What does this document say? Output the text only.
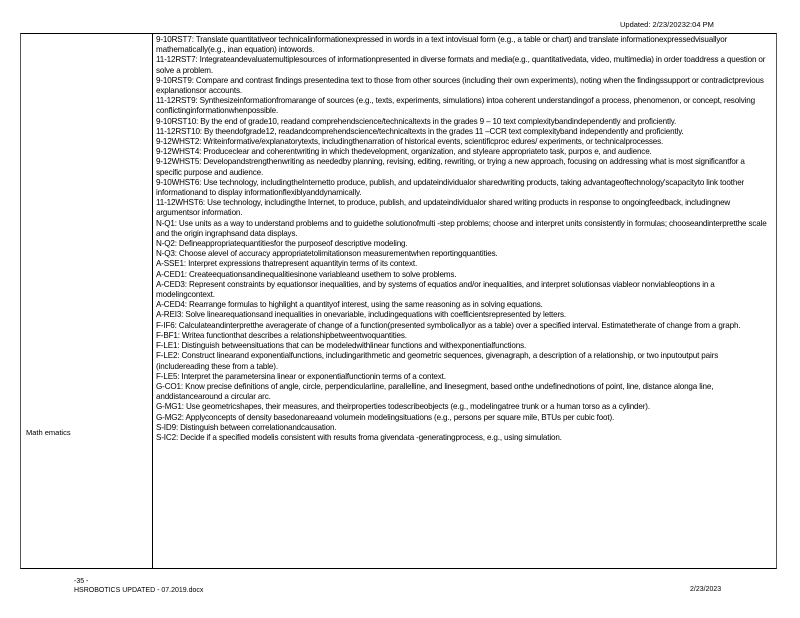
Updated: 2/23/20232:04 PM
Math ematics

9-10RST7: Translate quantitativeor technicalinformationexpressed in words in a text intovisual form (e.g., a table or chart) and translate informationexpressedvisuallyor mathematically(e.g., inan equation) intowords.

11-12RST7: Integrateandevaluatemultiplesources of informationpresented in diverse formats and media(e.g., quantitativedata, video, multimedia) in order toaddress a question or solve a problem.

9-10RST9: Compare and contrast findings presentedina text to those from other sources (including their own experiments), noting when the findingssupport or contradictprevious explanationsor accounts.

11-12RST9: Synthesizeinformationfromarange of sources (e.g., texts, experiments, simulations) intoa coherent understandingof a process, phenomenon, or concept, resolving conflictinginformationwhenpossible.

9-10RST10: By the end of grade10, readand comprehendscience/technicaltexts in the grades 9 – 10 text complexitybandindependently and proficiently.

11-12RST10: By theendofgrade12, readandcomprehendscience/technicaltexts in the grades 11 –CCR text complexityband independently and proficiently.

9-12WHST2: Writeinformative/explanatorytexts, includingthenarration of historical events, scientificproc edures/ experiments, or technicalprocesses.

9-12WHST4: Produceclear and coherentwriting in which thedevelopment, organization, and styleare appropriateto task, purpos e, and audience.

9-12WHST5: Developandstrengthenwriting as neededby planning, revising, editing, rewriting, or trying a new approach, focusing on addressing what is most significantfor a specific purpose and audience.

9-10WHST6: Use technology, includingtheInternetto produce, publish, and updateindividualor sharedwriting products, taking advantageoftechnology'scapacityto link toother informationand to display informationflexiblyanddynamically.

11-12WHST6: Use technology, includingthe Internet, to produce, publish, and updateindividualor shared writing products in response to ongoingfeedback, includingnew argumentsor information.

N-Q1: Use units as a way to understand problems and to guidethe solutionofmulti -step problems; choose and interpret units consistently in formulas; chooseandinterpretthe scale and the origin ingraphsand data displays.

N-Q2: Defineappropriatequantitiesfor the purposeof descriptive modeling.

N-Q3: Choose alevel of accuracy appropriatetolimitationson measurementwhen reportingquantities.

A-SSE1: Interpret expressions thatrepresent aquantityin terms of its context.

A-CED1: Createequationsandinequalitiesinone variableand usethem to solve problems.

A-CED3: Represent constraints by equationsor inequalities, and by systems of equatios and/or inequalities, and interpret solutionsas viableor nonviableoptions in a modelingcontext.

A-CED4: Rearrange formulas to highlight a quantityof interest, using the same reasoning as in solving equations.

A-REI3: Solve linearequationsand inequalities in onevariable, includingequations with coefficientsrepresented by letters.

F-IF6: Calculateandinterpretthe averagerate of change of a function(presented symbolicallyor as a table) over a specified interval. Estimatetherate of change from a graph.

F-BF1: Writea functionthat describes a relationshipbetweentwoquantities.

F-LE1: Distinguish betweensituations that can be modeledwithlinear functions and withexponentialfunctions.

F-LE2: Construct linearand exponentialfunctions, includingarithmetic and geometric sequences, givenagraph, a description of a relationship, or two inputoutput pairs (includereading these from a table).

F-LE5: Interpret the parametersina linear or exponentialfunctionin terms of a context.

G-CO1: Know precise definitions of angle, circle, perpendicularline, parallelline, and linesegment, based onthe undefinednotions of point, line, distance alonga line, anddistancearound a circular arc.

G-MG1: Use geometricshapes, their measures, and theirproperties todescribeobjects (e.g., modelingatree trunk or a human torso as a cylinder).

G-MG2: Applyconcepts of density basedonareaand volumein modelingsituations (e.g., persons per square mile, BTUs per cubic foot).

S-ID9: Distinguish between correlationandcausation.

S-IC2: Decide if a specified modelis consistent with results froma givendata -generatingprocess, e.g., using simulation.

-35 -
HSROBOTICS UPDATED - 07.2019.docx	2/23/2023
